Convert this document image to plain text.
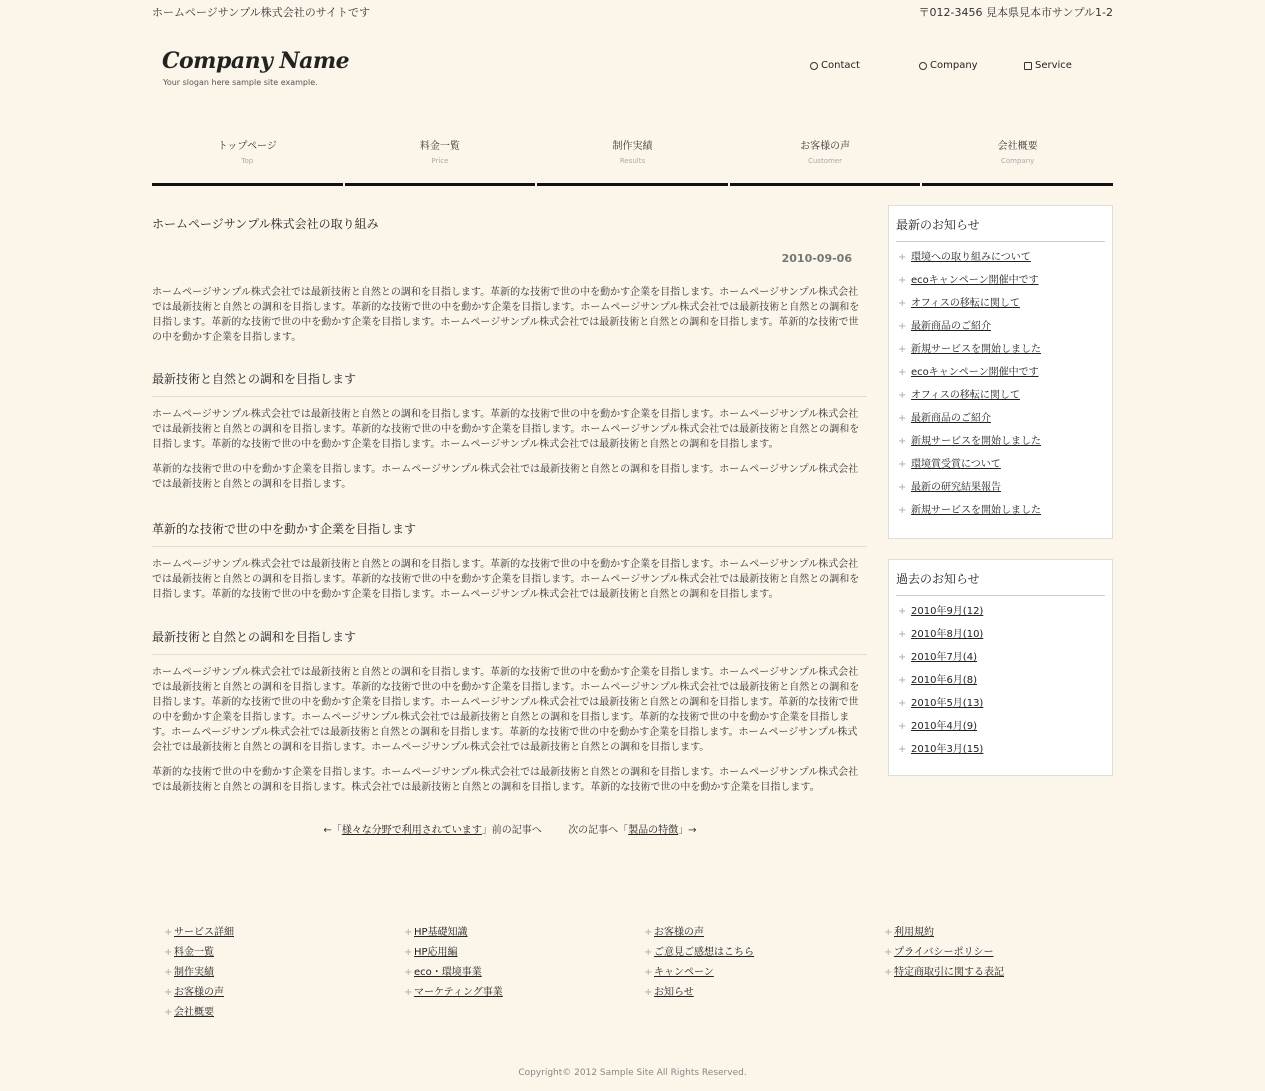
ホームページサンプル株式会社のサイトです	〒012-3456 見本県見本市サンプル1-2
Company Name
Your slogan here sample site example.
Contact	Company	Service
トップページ
Top
料金一覧
Price
制作実績
Results
お客様の声
Customer
会社概要
Company
ホームページサンプル株式会社の取り組み
2010-09-06

ホームページサンプル株式会社では最新技術と自然との調和を目指します。革新的な技術で世の中を動かす企業を目指します。ホームページサンプル株式会社では最新技術と自然との調和を目指します。革新的な技術で世の中を動かす企業を目指します。ホームページサンプル株式会社では最新技術と自然との調和を目指します。革新的な技術で世の中を動かす企業を目指します。ホームページサンプル株式会社では最新技術と自然との調和を目指します。革新的な技術で世の中を動かす企業を目指します。

最新技術と自然との調和を目指します

ホームページサンプル株式会社では最新技術と自然との調和を目指します。革新的な技術で世の中を動かす企業を目指します。ホームページサンプル株式会社では最新技術と自然との調和を目指します。革新的な技術で世の中を動かす企業を目指します。ホームページサンプル株式会社では最新技術と自然との調和を目指します。革新的な技術で世の中を動かす企業を目指します。ホームページサンプル株式会社では最新技術と自然との調和を目指します。

革新的な技術で世の中を動かす企業を目指します。ホームページサンプル株式会社では最新技術と自然との調和を目指します。ホームページサンプル株式会社では最新技術と自然との調和を目指します。

革新的な技術で世の中を動かす企業を目指します

ホームページサンプル株式会社では最新技術と自然との調和を目指します。革新的な技術で世の中を動かす企業を目指します。ホームページサンプル株式会社では最新技術と自然との調和を目指します。革新的な技術で世の中を動かす企業を目指します。ホームページサンプル株式会社では最新技術と自然との調和を目指します。革新的な技術で世の中を動かす企業を目指します。ホームページサンプル株式会社では最新技術と自然との調和を目指します。

最新技術と自然との調和を目指します

ホームページサンプル株式会社では最新技術と自然との調和を目指します。革新的な技術で世の中を動かす企業を目指します。ホームページサンプル株式会社では最新技術と自然との調和を目指します。革新的な技術で世の中を動かす企業を目指します。ホームページサンプル株式会社では最新技術と自然との調和を目指します。革新的な技術で世の中を動かす企業を目指します。ホームページサンプル株式会社では最新技術と自然との調和を目指します。革新的な技術で世の中を動かす企業を目指します。ホームページサンプル株式会社では最新技術と自然との調和を目指します。革新的な技術で世の中を動かす企業を目指します。ホームページサンプル株式会社では最新技術と自然との調和を目指します。革新的な技術で世の中を動かす企業を目指します。ホームページサンプル株式会社では最新技術と自然との調和を目指します。ホームページサンプル株式会社では最新技術と自然との調和を目指します。

革新的な技術で世の中を動かす企業を目指します。ホームページサンプル株式会社では最新技術と自然との調和を目指します。ホームページサンプル株式会社では最新技術と自然との調和を目指します。株式会社では最新技術と自然との調和を目指します。革新的な技術で世の中を動かす企業を目指します。

最新のお知らせ
+ 環境への取り組みについて
+ ecoキャンペーン開催中です
+ オフィスの移転に関して
+ 最新商品のご紹介
+ 新規サービスを開始しました
+ ecoキャンペーン開催中です
+ オフィスの移転に関して
+ 最新商品のご紹介
+ 新規サービスを開始しました
+ 環境賞受賞について
+ 最新の研究結果報告
+ 新規サービスを開始しました
過去のお知らせ
+ 2010年9月(12)
+ 2010年8月(10)
+ 2010年7月(4)
+ 2010年6月(8)
+ 2010年5月(13)
+ 2010年4月(9)
+ 2010年3月(15)
←「様々な分野で利用されています」前の記事へ	次の記事へ「製品の特徴」→
+ サービス詳細
+ 料金一覧
+ 制作実績
+ お客様の声
+ 会社概要
+ HP基礎知識
+ HP応用編
+ eco・環境事業
+ マーケティング事業
+ お客様の声
+ ご意見ご感想はこちら
+ キャンペーン
+ お知らせ
+ 利用規約
+ プライバシーポリシー
+ 特定商取引に関する表記
Copyright© 2012 Sample Site All Rights Reserved.
